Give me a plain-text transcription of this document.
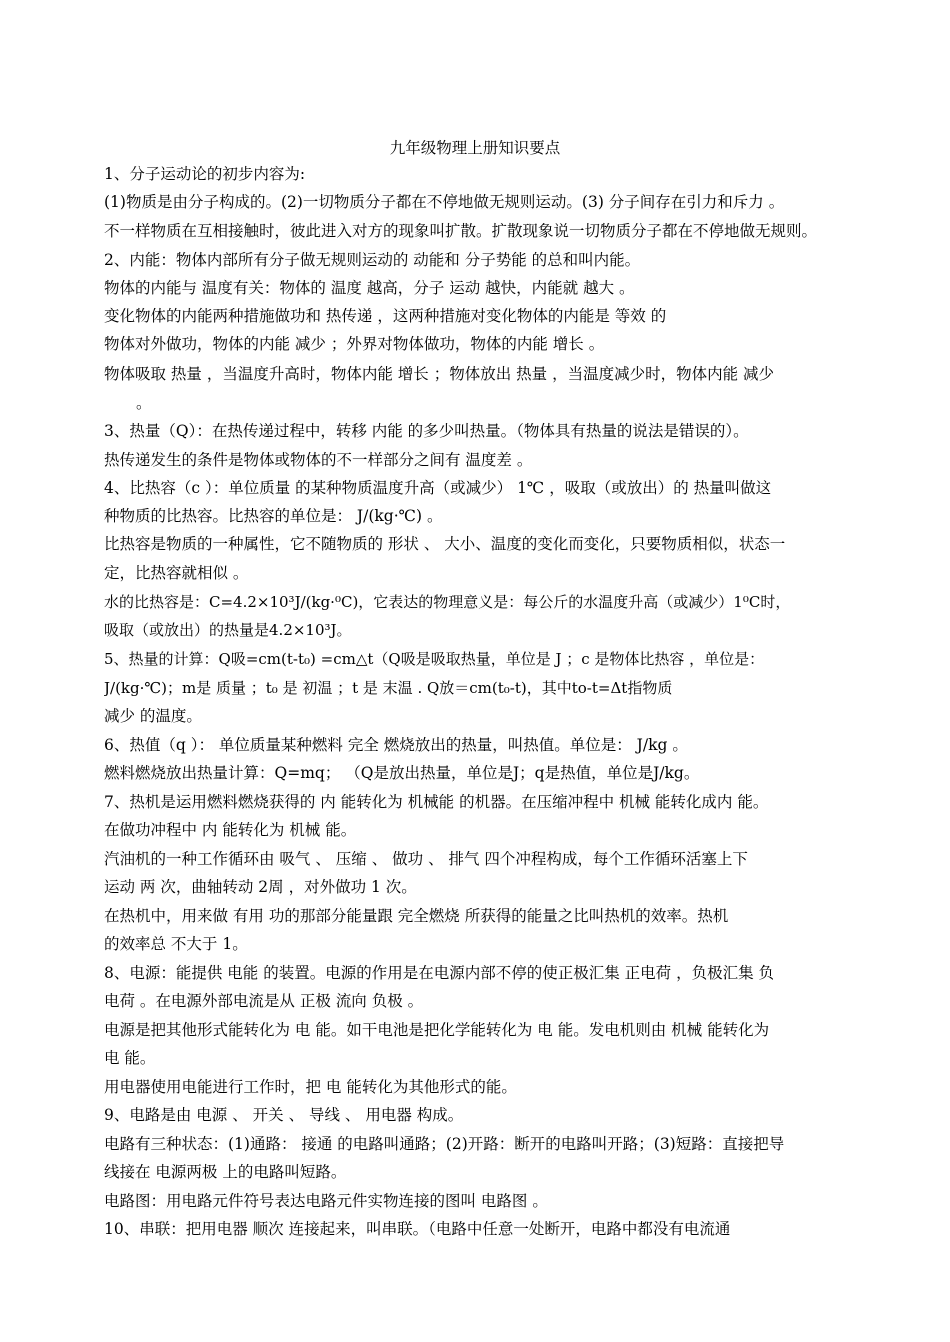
九年级物理上册知识要点
1、分子运动论的初步内容为:
(1)物质是由分子构成的。(2)一切物质分子都在不停地做无规则运动。(3) 分子间存在引力和斥力 。
不一样物质在互相接触时，彼此进入对方的现象叫扩散。扩散现象说一切物质分子都在不停地做无规则。
2、内能：物体内部所有分子做无规则运动的 动能和 分子势能 的总和叫内能。
物体的内能与 温度有关：物体的 温度 越高，分子 运动 越快，内能就 越大 。
变化物体的内能两种措施做功和 热传递 ，这两种措施对变化物体的内能是 等效 的
物体对外做功，物体的内能 减少 ；外界对物体做功，物体的内能 增长 。
物体吸取 热量 ，当温度升高时，物体内能 增长 ；物体放出 热量 ，当温度减少时，物体内能 减少
。
3、热量（Q）：在热传递过程中，转移 内能 的多少叫热量。（物体具有热量的说法是错误的）。
热传递发生的条件是物体或物体的不一样部分之间有 温度差 。
4、比热容（c ）：单位质量 的某种物质温度升高（或减少） 1℃ ，吸取（或放出）的 热量叫做这
种物质的比热容。比热容的单位是： J/(kg·℃) 。
比热容是物质的一种属性，它不随物质的 形状 、 大小、温度的变化而变化，只要物质相似，状态一
定，比热容就相似 。
水的比热容是：C=4.2×10³J/(kg·⁰C)，它表达的物理意义是：每公斤的水温度升高（或减少）1⁰C时，
吸取（或放出）的热量是4.2×10³J。
5、热量的计算：Q吸=cm(t-t₀) =cm△t（Q吸是吸取热量，单位是 J ；c 是物体比热容 ，单位是：
J/(kg·℃)；m是 质量 ；t₀ 是 初温 ；t 是 末温 . Q放＝cm(t₀-t)，其中to-t=Δt指物质
减少 的温度。
6、热值（q ）： 单位质量某种燃料 完全 燃烧放出的热量，叫热值。单位是： J/kg 。
燃料燃烧放出热量计算：Q=mq； （Q是放出热量，单位是J；q是热值，单位是J/kg。
7、热机是运用燃料燃烧获得的 内 能转化为 机械能 的机器。在压缩冲程中 机械 能转化成内 能。
在做功冲程中 内 能转化为 机械 能。
汽油机的一种工作循环由 吸气 、 压缩 、 做功 、 排气 四个冲程构成，每个工作循环活塞上下
运动 两 次，曲轴转动 2周 ，对外做功 1 次。
在热机中，用来做 有用 功的那部分能量跟 完全燃烧 所获得的能量之比叫热机的效率。热机
的效率总 不大于 1。
8、电源：能提供 电能 的装置。电源的作用是在电源内部不停的使正极汇集 正电荷 ，负极汇集 负
电荷 。在电源外部电流是从 正极 流向 负极 。
电源是把其他形式能转化为 电 能。如干电池是把化学能转化为 电 能。发电机则由 机械 能转化为
电 能。
用电器使用电能进行工作时，把 电 能转化为其他形式的能。
9、电路是由 电源 、 开关 、 导线 、 用电器 构成。
电路有三种状态：(1)通路： 接通 的电路叫通路；(2)开路：断开的电路叫开路；(3)短路：直接把导
线接在 电源两极 上的电路叫短路。
电路图：用电路元件符号表达电路元件实物连接的图叫 电路图 。
10、串联：把用电器 顺次 连接起来，叫串联。（电路中任意一处断开，电路中都没有电流通
